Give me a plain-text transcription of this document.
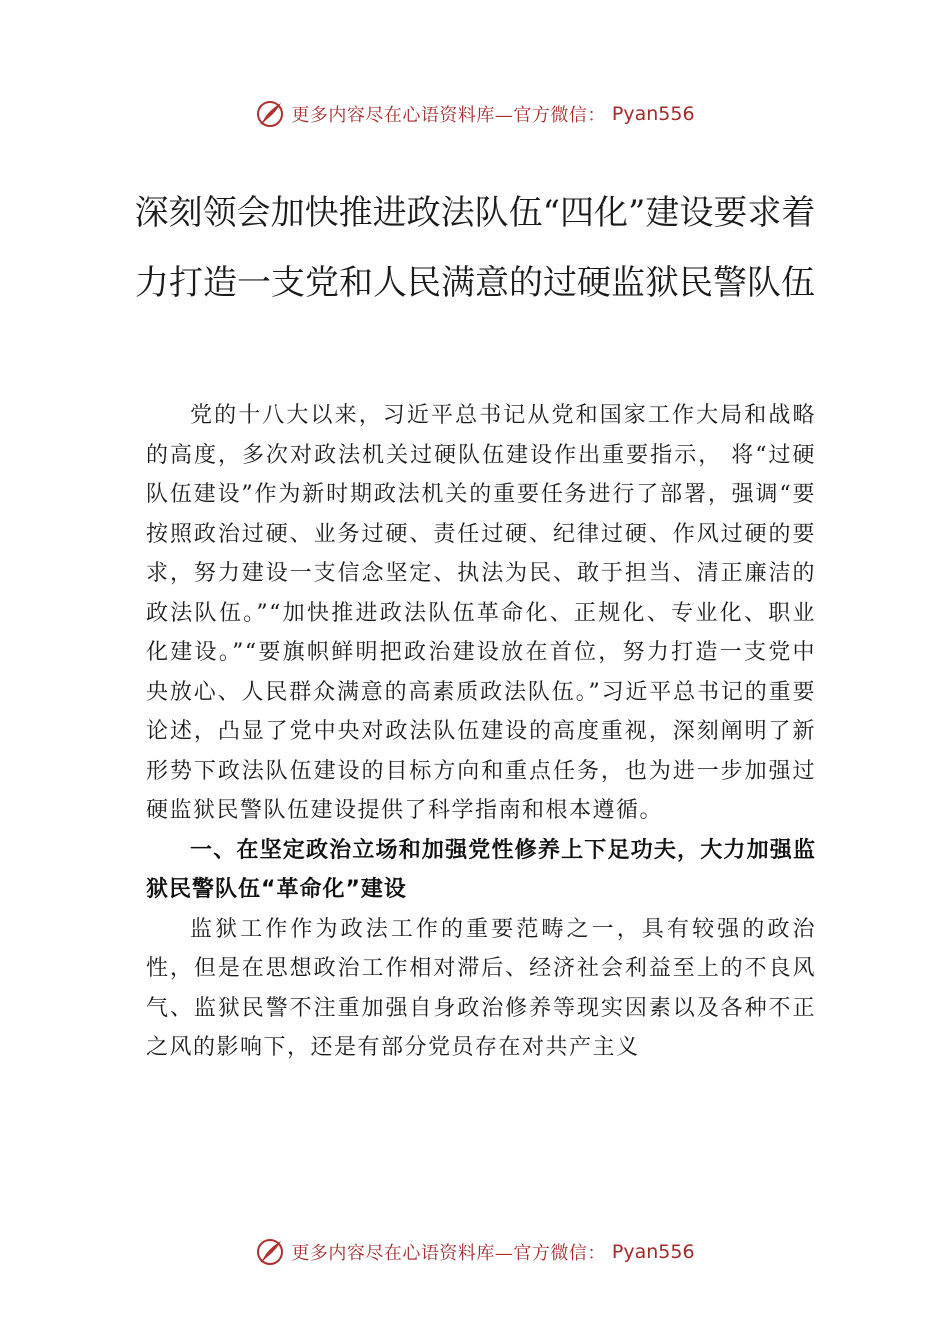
更多内容尽在心语资料库—官方微信： Pyan556
深刻领会加快推进政法队伍“四化”建设要求着力打造一支党和人民满意的过硬监狱民警队伍

党的十八大以来，习近平总书记从党和国家工作大局和战略的高度，多次对政法机关过硬队伍建设作出重要指示， 将“过硬队伍建设”作为新时期政法机关的重要任务进行了部署，强调“要按照政治过硬、业务过硬、责任过硬、纪律过硬、作风过硬的要求，努力建设一支信念坚定、执法为民、敢于担当、清正廉洁的政法队伍。”“加快推进政法队伍革命化、正规化、专业化、职业化建设。”“要旗帜鲜明把政治建设放在首位，努力打造一支党中央放心、人民群众满意的高素质政法队伍。”习近平总书记的重要论述，凸显了党中央对政法队伍建设的高度重视，深刻阐明了新形势下政法队伍建设的目标方向和重点任务，也为进一步加强过硬监狱民警队伍建设提供了科学指南和根本遵循。

一、在坚定政治立场和加强党性修养上下足功夫，大力加强监狱民警队伍“革命化”建设

监狱工作作为政法工作的重要范畴之一，具有较强的政治性，但是在思想政治工作相对滞后、经济社会利益至上的不良风气、监狱民警不注重加强自身政治修养等现实因素以及各种不正之风的影响下，还是有部分党员存在对共产主义

更多内容尽在心语资料库—官方微信： Pyan556
